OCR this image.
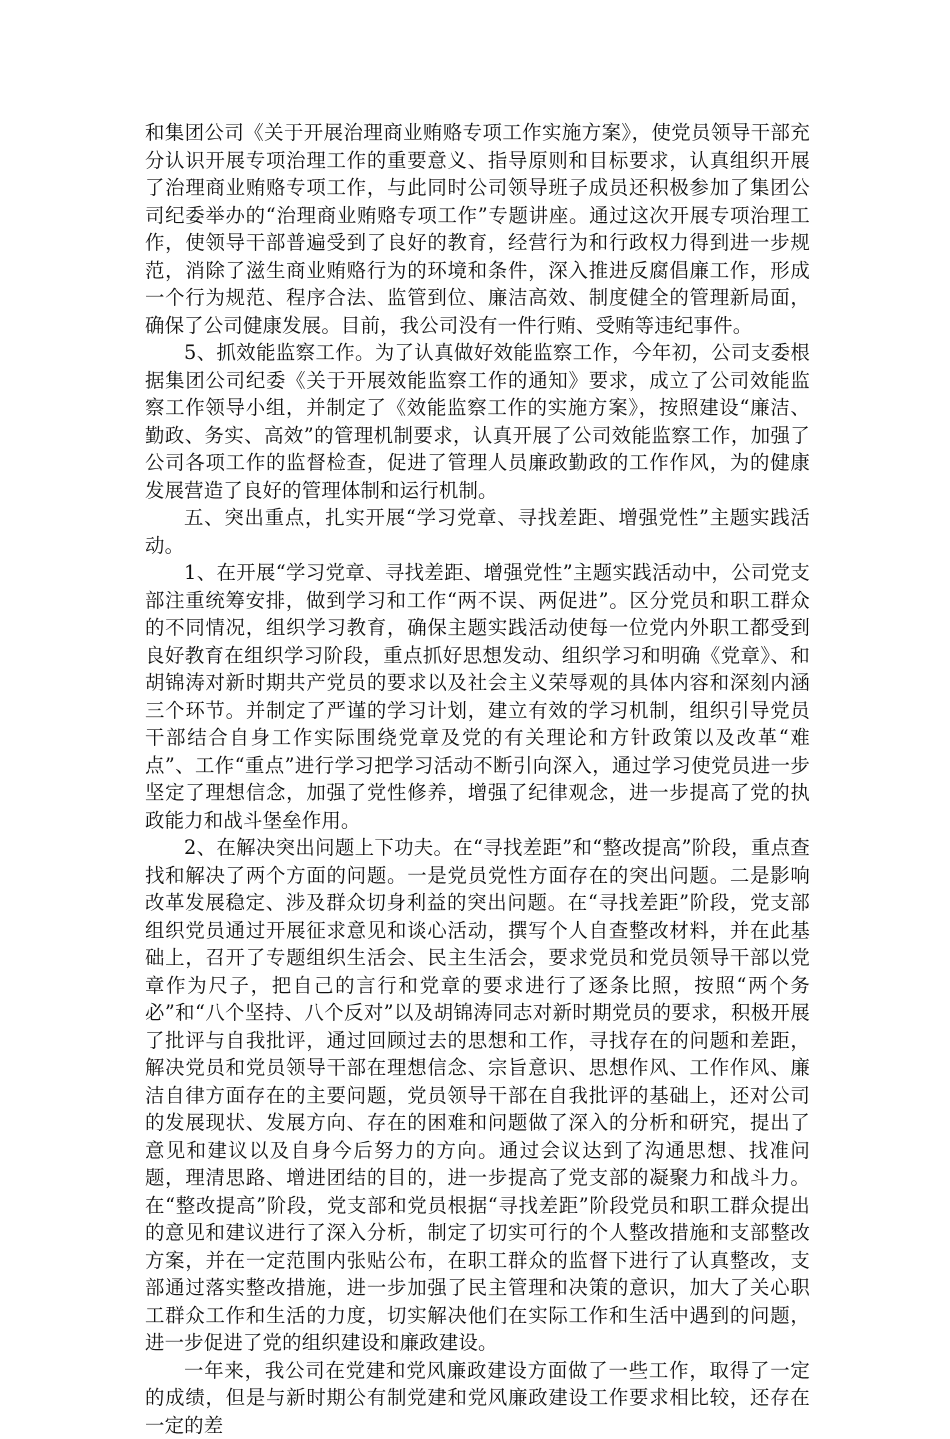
和集团公司《关于开展治理商业贿赂专项工作实施方案》，使党员领导干部充分认识开展专项治理工作的重要意义、指导原则和目标要求，认真组织开展了治理商业贿赂专项工作，与此同时公司领导班子成员还积极参加了集团公司纪委举办的“治理商业贿赂专项工作”专题讲座。通过这次开展专项治理工作，使领导干部普遍受到了良好的教育，经营行为和行政权力得到进一步规范，消除了滋生商业贿赂行为的环境和条件，深入推进反腐倡廉工作，形成一个行为规范、程序合法、监管到位、廉洁高效、制度健全的管理新局面，确保了公司健康发展。目前，我公司没有一件行贿、受贿等违纪事件。

5、抓效能监察工作。为了认真做好效能监察工作，今年初，公司支委根据集团公司纪委《关于开展效能监察工作的通知》要求，成立了公司效能监察工作领导小组，并制定了《效能监察工作的实施方案》，按照建设“廉洁、勤政、务实、高效”的管理机制要求，认真开展了公司效能监察工作，加强了公司各项工作的监督检查，促进了管理人员廉政勤政的工作作风，为的健康发展营造了良好的管理体制和运行机制。

五、突出重点，扎实开展“学习党章、寻找差距、增强党性”主题实践活动。

1、在开展“学习党章、寻找差距、增强党性”主题实践活动中，公司党支部注重统筹安排，做到学习和工作“两不误、两促进”。区分党员和职工群众的不同情况，组织学习教育，确保主题实践活动使每一位党内外职工都受到良好教育在组织学习阶段，重点抓好思想发动、组织学习和明确《党章》、和胡锦涛对新时期共产党员的要求以及社会主义荣辱观的具体内容和深刻内涵三个环节。并制定了严谨的学习计划，建立有效的学习机制，组织引导党员干部结合自身工作实际围绕党章及党的有关理论和方针政策以及改革“难点”、工作“重点”进行学习把学习活动不断引向深入，通过学习使党员进一步坚定了理想信念，加强了党性修养，增强了纪律观念，进一步提高了党的执政能力和战斗堡垒作用。

2、在解决突出问题上下功夫。在“寻找差距”和“整改提高”阶段，重点查找和解决了两个方面的问题。一是党员党性方面存在的突出问题。二是影响改革发展稳定、涉及群众切身利益的突出问题。在“寻找差距”阶段，党支部组织党员通过开展征求意见和谈心活动，撰写个人自查整改材料，并在此基础上，召开了专题组织生活会、民主生活会，要求党员和党员领导干部以党章作为尺子，把自己的言行和党章的要求进行了逐条比照，按照“两个务必”和“八个坚持、八个反对”以及胡锦涛同志对新时期党员的要求，积极开展了批评与自我批评，通过回顾过去的思想和工作，寻找存在的问题和差距，解决党员和党员领导干部在理想信念、宗旨意识、思想作风、工作作风、廉洁自律方面存在的主要问题，党员领导干部在自我批评的基础上，还对公司的发展现状、发展方向、存在的困难和问题做了深入的分析和研究，提出了意见和建议以及自身今后努力的方向。通过会议达到了沟通思想、找准问题，理清思路、增进团结的目的，进一步提高了党支部的凝聚力和战斗力。在“整改提高”阶段，党支部和党员根据“寻找差距”阶段党员和职工群众提出的意见和建议进行了深入分析，制定了切实可行的个人整改措施和支部整改方案，并在一定范围内张贴公布，在职工群众的监督下进行了认真整改，支部通过落实整改措施，进一步加强了民主管理和决策的意识，加大了关心职工群众工作和生活的力度，切实解决他们在实际工作和生活中遇到的问题，进一步促进了党的组织建设和廉政建设。

一年来，我公司在党建和党风廉政建设方面做了一些工作，取得了一定的成绩，但是与新时期公有制党建和党风廉政建设工作要求相比较，还存在一定的差
